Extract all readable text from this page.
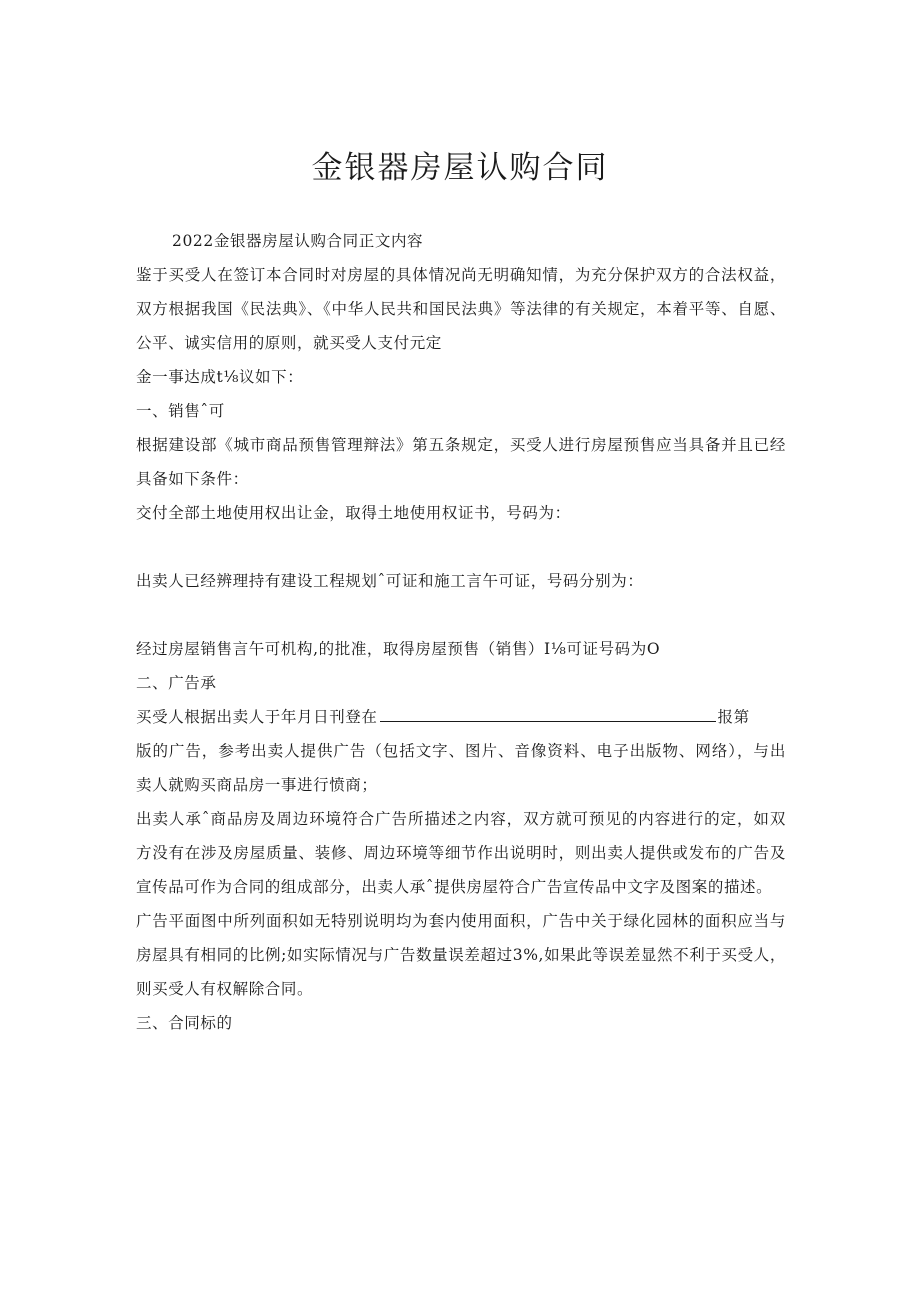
金银器房屋认购合同

2022金银器房屋认购合同正文内容

鉴于买受人在签订本合同时对房屋的具体情况尚无明确知情，为充分保护双方的合法权益，双方根据我国《民法典》、《中华人民共和国民法典》等法律的有关规定，本着平等、自愿、公平、诚实信用的原则，就买受人支付元定

金一事达成t⅛议如下：

一、销售ˆ可

根据建设部《城市商品预售管理辩法》第五条规定，买受人进行房屋预售应当具备并且已经具备如下条件：

交付全部土地使用权出让金，取得土地使用权证书，号码为：

出卖人已经辨理持有建设工程规划ˆ可证和施工言午可证，号码分别为：

经过房屋销售言午可机构,的批准，取得房屋预售（销售）I⅛可证号码为O

二、广告承

买受人根据出卖人于年月日刊登在	报第

版的广告，参考出卖人提供广告（包括文字、图片、音像资料、电子出版物、网络），与出卖人就购买商品房一事进行愤商；

出卖人承ˆ商品房及周边环境符合广告所描述之内容，双方就可预见的内容进行的定，如双方没有在涉及房屋质量、装修、周边环境等细节作出说明时，则出卖人提供或发布的广告及宣传品可作为合同的组成部分，出卖人承ˆ提供房屋符合广告宣传品中文字及图案的描述。

广告平面图中所列面积如无特别说明均为套内使用面积，广告中关于绿化园林的面积应当与房屋具有相同的比例;如实际情况与广告数量误差超过3%,如果此等误差显然不利于买受人，则买受人有权解除合同。

三、合同标的
